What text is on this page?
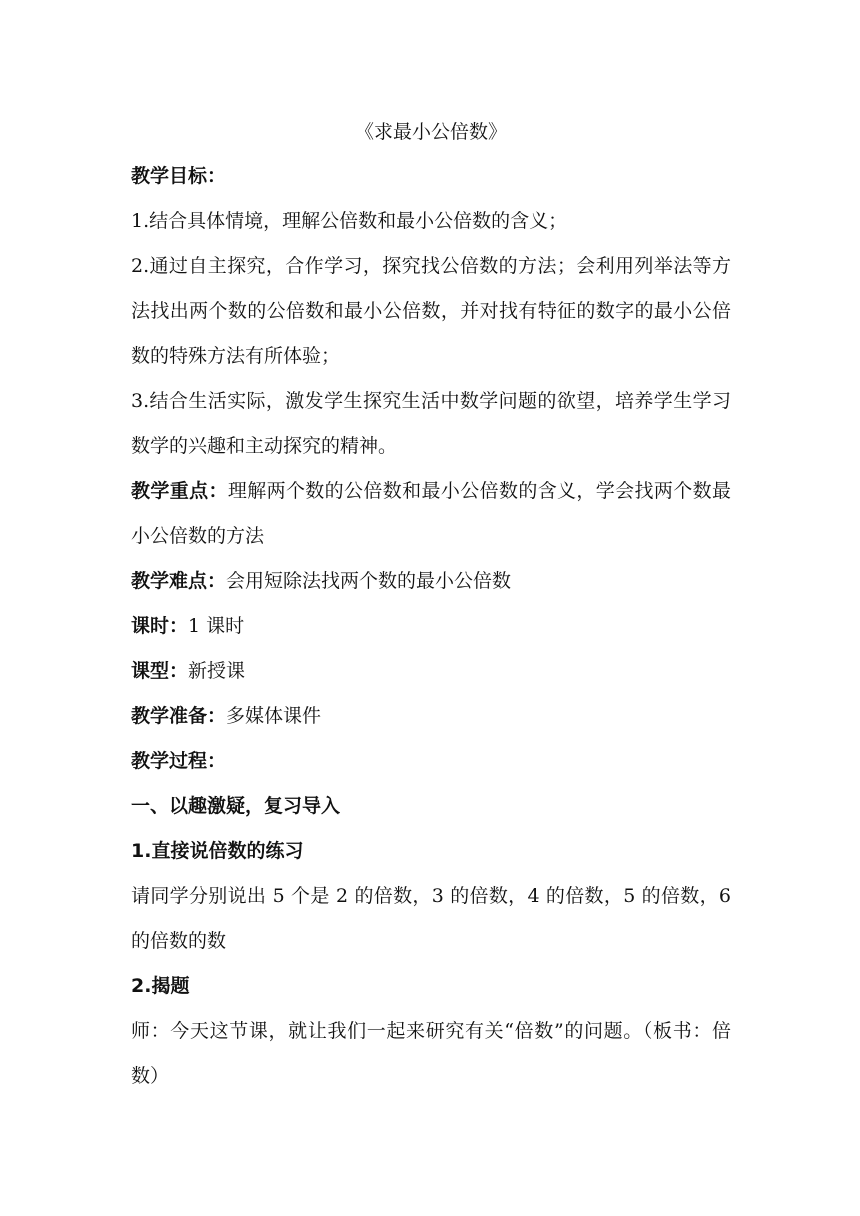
《求最小公倍数》

教学目标：

1.结合具体情境，理解公倍数和最小公倍数的含义；

2.通过自主探究，合作学习，探究找公倍数的方法；会利用列举法等方法找出两个数的公倍数和最小公倍数，并对找有特征的数字的最小公倍数的特殊方法有所体验；

3.结合生活实际，激发学生探究生活中数学问题的欲望，培养学生学习数学的兴趣和主动探究的精神。

教学重点：理解两个数的公倍数和最小公倍数的含义，学会找两个数最小公倍数的方法

教学难点：会用短除法找两个数的最小公倍数

课时：1 课时

课型：新授课

教学准备：多媒体课件

教学过程：

一、以趣激疑，复习导入

1.直接说倍数的练习

请同学分别说出 5 个是 2 的倍数，3 的倍数，4 的倍数，5 的倍数，6 的倍数的数

2.揭题

师：今天这节课，就让我们一起来研究有关“倍数”的问题。（板书：倍数）
